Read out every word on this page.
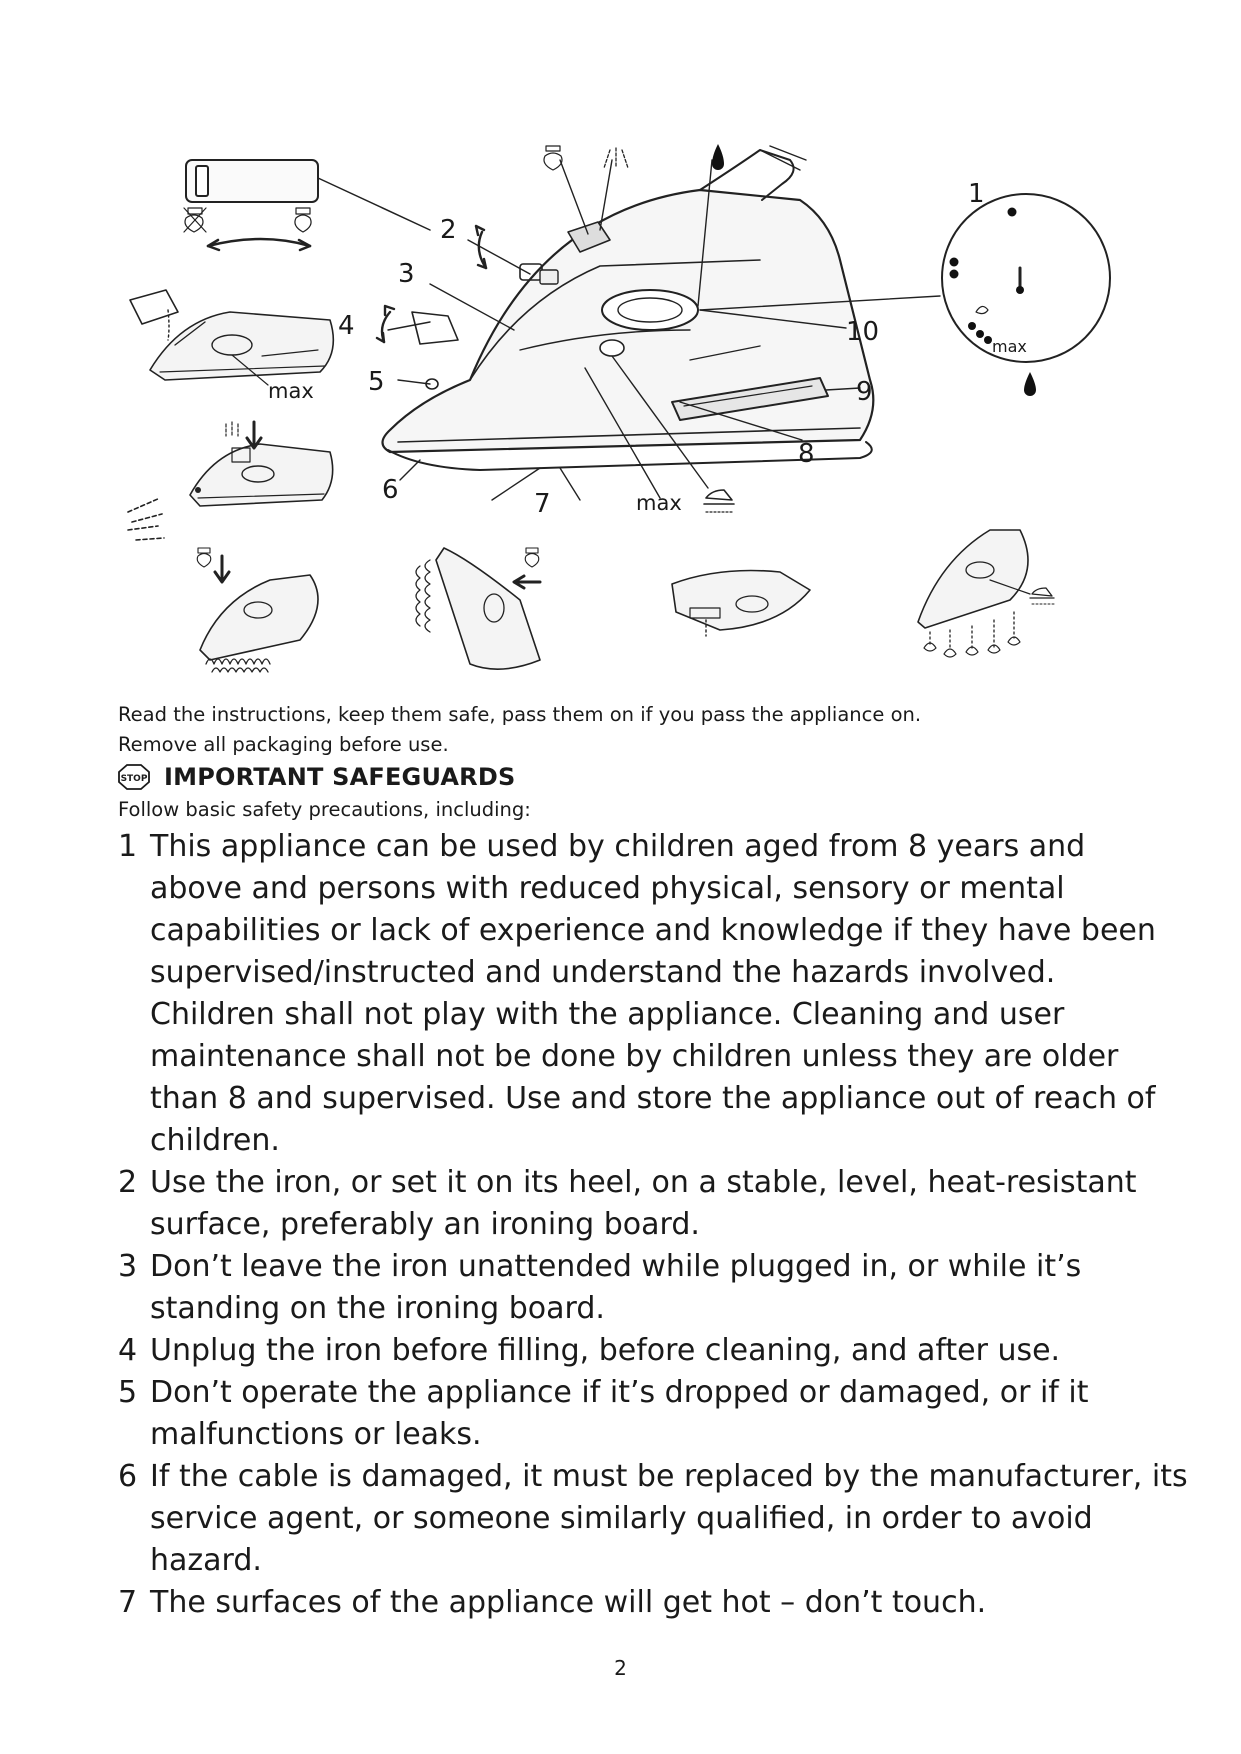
max
1
2
3
4
5
6	7
8
9
10
max
max
Read the instructions, keep them safe, pass them on if you pass the appliance on.
Remove all packaging before use.
STOP IMPORTANT SAFEGUARDS
Follow basic safety precautions, including:
1 This appliance can be used by children aged from 8 years and
above and persons with reduced physical, sensory or mental
capabilities or lack of experience and knowledge if they have been
supervised/instructed and understand the hazards involved.
Children shall not play with the appliance. Cleaning and user
maintenance shall not be done by children unless they are older
than 8 and supervised. Use and store the appliance out of reach of
children.
2 Use the iron, or set it on its heel, on a stable, level, heat-resistant
surface, preferably an ironing board.
3 Don’t leave the iron unattended while plugged in, or while it’s
standing on the ironing board.
4 Unplug the iron before filling, before cleaning, and after use.
5 Don’t operate the appliance if it’s dropped or damaged, or if it
malfunctions or leaks.
6 If the cable is damaged, it must be replaced by the manufacturer, its
service agent, or someone similarly qualified, in order to avoid
hazard.
7 The surfaces of the appliance will get hot – don’t touch.
2
